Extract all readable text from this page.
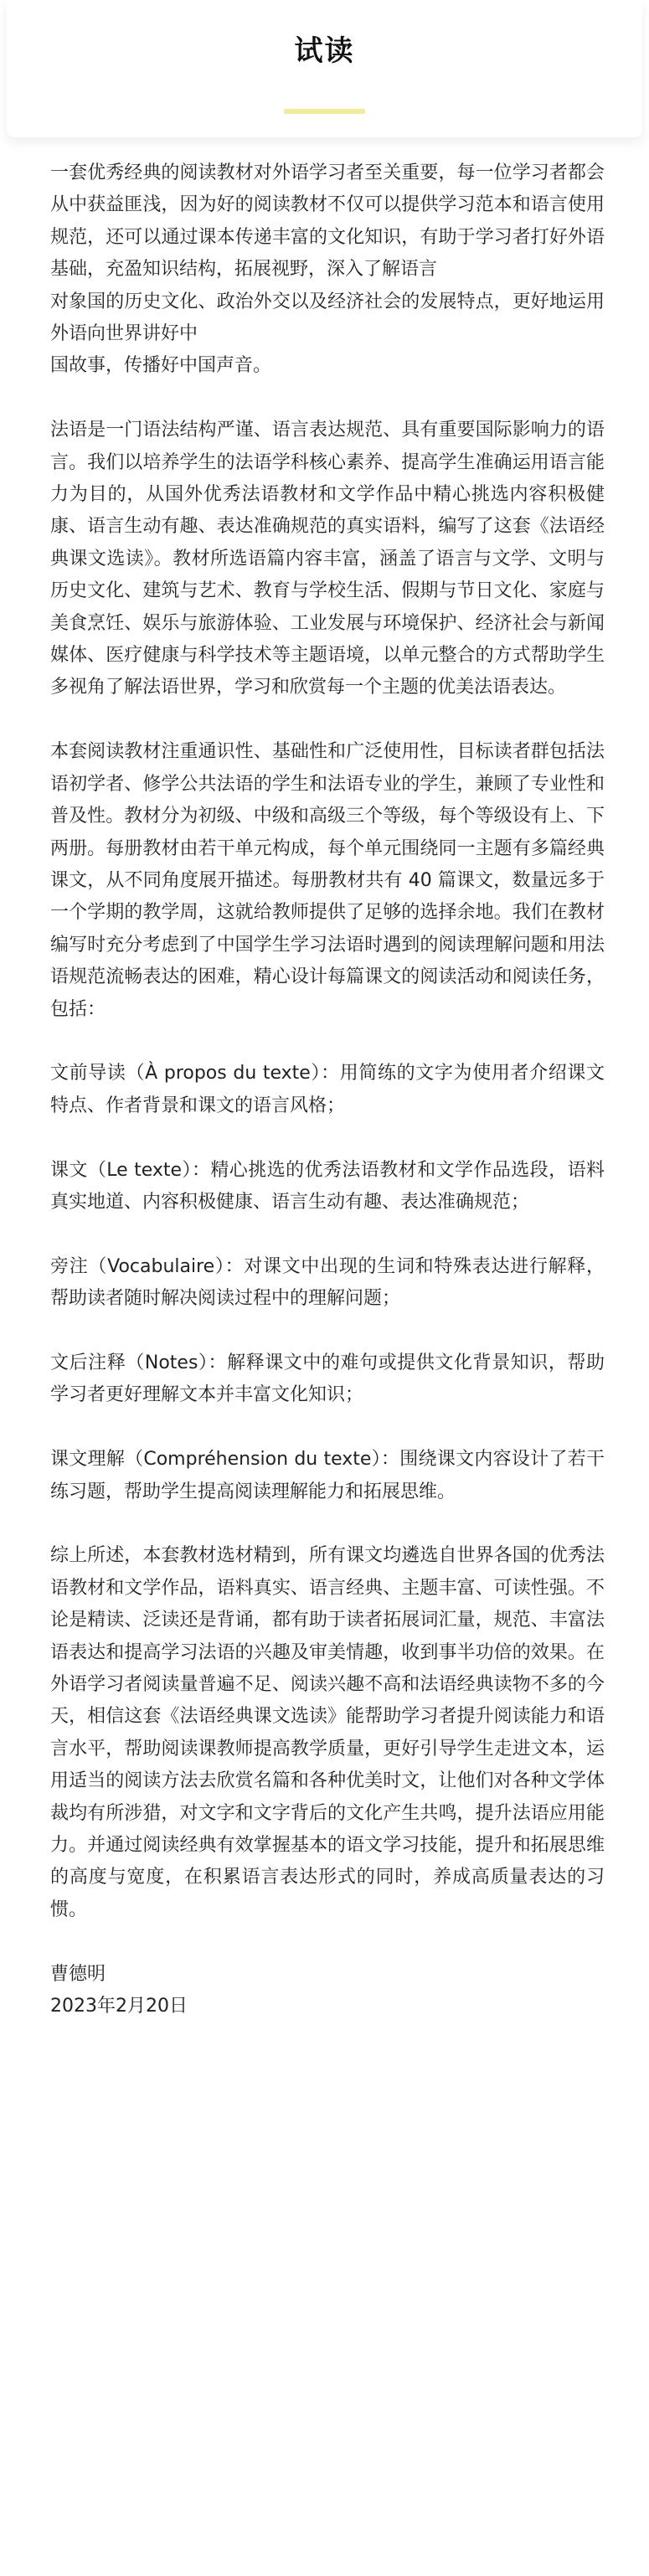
试读

一套优秀经典的阅读教材对外语学习者至关重要，每一位学习者都会从中获益匪浅，因为好的阅读教材不仅可以提供学习范本和语言使用规范，还可以通过课本传递丰富的文化知识，有助于学习者打好外语基础，充盈知识结构，拓展视野，深入了解语言
对象国的历史文化、政治外交以及经济社会的发展特点，更好地运用外语向世界讲好中
国故事，传播好中国声音。

法语是一门语法结构严谨、语言表达规范、具有重要国际影响力的语言。我们以培养学生的法语学科核心素养、提高学生准确运用语言能力为目的，从国外优秀法语教材和文学作品中精心挑选内容积极健康、语言生动有趣、表达准确规范的真实语料，编写了这套《法语经典课文选读》。教材所选语篇内容丰富，涵盖了语言与文学、文明与历史文化、建筑与艺术、教育与学校生活、假期与节日文化、家庭与美食烹饪、娱乐与旅游体验、工业发展与环境保护、经济社会与新闻媒体、医疗健康与科学技术等主题语境，以单元整合的方式帮助学生多视角了解法语世界，学习和欣赏每一个主题的优美法语表达。

本套阅读教材注重通识性、基础性和广泛使用性，目标读者群包括法语初学者、修学公共法语的学生和法语专业的学生，兼顾了专业性和普及性。教材分为初级、中级和高级三个等级，每个等级设有上、下两册。每册教材由若干单元构成，每个单元围绕同一主题有多篇经典课文，从不同角度展开描述。每册教材共有 40 篇课文，数量远多于一个学期的教学周，这就给教师提供了足够的选择余地。我们在教材编写时充分考虑到了中国学生学习法语时遇到的阅读理解问题和用法语规范流畅表达的困难，精心设计每篇课文的阅读活动和阅读任务，包括：

文前导读（À propos du texte）：用简练的文字为使用者介绍课文特点、作者背景和课文的语言风格；

课文（Le texte）：精心挑选的优秀法语教材和文学作品选段，语料真实地道、内容积极健康、语言生动有趣、表达准确规范；

旁注（Vocabulaire）：对课文中出现的生词和特殊表达进行解释，帮助读者随时解决阅读过程中的理解问题；

文后注释（Notes）：解释课文中的难句或提供文化背景知识，帮助学习者更好理解文本并丰富文化知识；

课文理解（Compréhension du texte）：围绕课文内容设计了若干练习题，帮助学生提高阅读理解能力和拓展思维。

综上所述，本套教材选材精到，所有课文均遴选自世界各国的优秀法语教材和文学作品，语料真实、语言经典、主题丰富、可读性强。不论是精读、泛读还是背诵，都有助于读者拓展词汇量，规范、丰富法语表达和提高学习法语的兴趣及审美情趣，收到事半功倍的效果。在外语学习者阅读量普遍不足、阅读兴趣不高和法语经典读物不多的今天，相信这套《法语经典课文选读》能帮助学习者提升阅读能力和语言水平，帮助阅读课教师提高教学质量，更好引导学生走进文本，运用适当的阅读方法去欣赏名篇和各种优美时文，让他们对各种文学体裁均有所涉猎，对文字和文字背后的文化产生共鸣，提升法语应用能力。并通过阅读经典有效掌握基本的语文学习技能，提升和拓展思维的高度与宽度，在积累语言表达形式的同时，养成高质量表达的习惯。

曹德明

2023年2月20日
